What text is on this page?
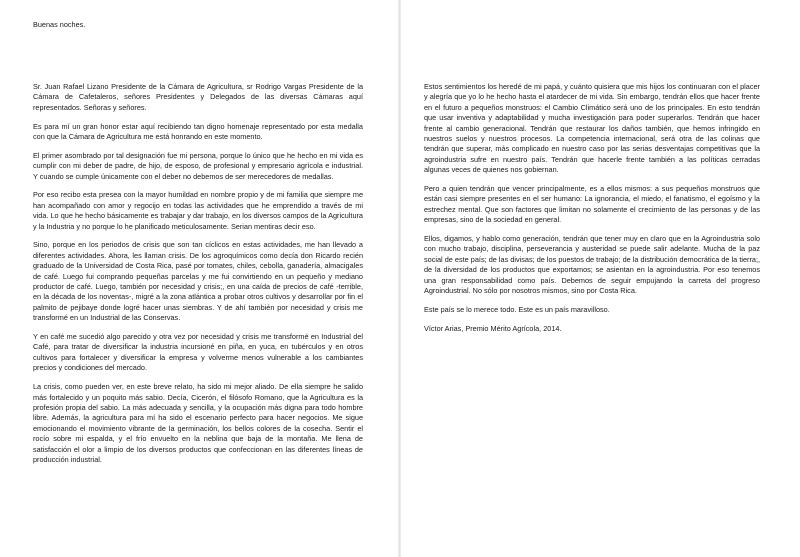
Buenas noches.

Sr. Juan Rafael Lizano Presidente de la Cámara de Agricultura, sr Rodrigo Vargas Presidente de la Cámara de Cafetaleros, señores Presidentes y Delegados de las diversas Cámaras aquí representados. Señoras y señores.

Es para mí un gran honor estar aquí recibiendo tan digno homenaje representado por esta medalla con que la Cámara de Agricultura me está honrando en este momento.

El primer asombrado por tal designación fue mi persona, porque lo único que he hecho en mi vida es cumplir con mi deber de padre, de hijo, de esposo, de profesional y empresario agrícola e industrial. Y cuando se cumple únicamente con el deber no debemos de ser merecedores de medallas.

Por eso recibo esta presea con la mayor humildad en nombre propio y de mi familia que siempre me han acompañado con amor y regocijo en todas las actividades que he emprendido a través de mi vida. Lo que he hecho básicamente es trabajar y dar trabajo, en los diversos campos de la Agricultura y la Industria y no porque lo he planificado meticulosamente. Serian mentiras decir eso.

Sino, porque en los periodos de crisis que son tan cíclicos en estas actividades, me han llevado a diferentes actividades. Ahora, les llaman crisis. De los agroquímicos como decía don Ricardo recién graduado de la Universidad de Costa Rica, pasé por tomates, chiles, cebolla, ganadería, almacigales de café. Luego fui comprando pequeñas parcelas y me fui convirtiendo en un pequeño y mediano productor de café. Luego, también por necesidad y crisis;, en una caída de precios de café -terrible, en la década de los noventas-, migré a la zona atlántica a probar otros cultivos y desarrollar por fin el palmito de pejibaye donde logré hacer unas siembras. Y de ahí también por necesidad y crisis me transformé en un Industrial de las Conservas.

Y en café me sucedió algo parecido y otra vez por necesidad y crisis me transformé en Industrial del Café, para tratar de diversificar la industria incursioné en piña, en yuca, en tubérculos y en otros cultivos para fortalecer y diversificar la empresa y volverme menos vulnerable a los cambiantes precios y condiciones del mercado.

La crisis, como pueden ver, en este breve relato, ha sido mi mejor aliado. De ella siempre he salido más fortalecido y un poquito más sabio. Decía, Cicerón, el filósofo Romano, que la Agricultura es la profesión propia del sabio. La más adecuada y sencilla, y la ocupación más digna para todo hombre libre. Además, la agricultura para mí ha sido el escenario perfecto para hacer negocios. Me sigue emocionando el movimiento vibrante de la germinación, los bellos colores de la cosecha. Sentir el rocío sobre mi espalda, y el frío envuelto en la neblina que baja de la montaña. Me llena de satisfacción el olor a limpio de los diversos productos que confeccionan en las diferentes líneas de producción industrial.

Estos sentimientos los heredé de mi papá, y cuánto quisiera que mis hijos los continuaran con el placer y alegría que yo lo he hecho hasta el atardecer de mi vida. Sin embargo, tendrán ellos que hacer frente en el futuro a pequeños monstruos: el Cambio Climático será uno de los principales. En esto tendrán que usar inventiva y adaptabilidad y mucha investigación para poder superarlos. Tendrán que hacer frente al cambio generacional. Tendrán que restaurar los daños también, que hemos infringido en nuestros suelos y nuestros procesos. La competencia internacional, será otra de las colinas que tendrán que superar, más complicado en nuestro caso por las serias desventajas competitivas que la agroindustria sufre en nuestro país. Tendrán que hacerle frente también a las políticas cerradas algunas veces de quienes nos gobiernan.

Pero a quien tendrán que vencer principalmente, es a ellos mismos: a sus pequeños monstruos que están casi siempre presentes en el ser humano: La ignorancia, el miedo, el fanatismo, el egoísmo y la estrechez mental. Que son factores que limitan no solamente el crecimiento de las personas y de las empresas, sino de la sociedad en general.

Ellos, digamos, y hablo como generación, tendrán que tener muy en claro que en la Agroindustria solo con mucho trabajo, disciplina, perseverancia y austeridad se puede salir adelante. Mucha de la paz social de este país; de las divisas; de los puestos de trabajo; de la distribución democrática de la tierra;, de la diversidad de los productos que exportamos; se asientan en la agroindustria. Por eso tenemos una gran responsabilidad como país. Debemos de seguir empujando la carreta del progreso Agroindustrial. No sólo por nosotros mismos, sino por Costa Rica.

Este país se lo merece todo. Este es un país maravilloso.

Víctor Arias, Premio Mérito Agrícola, 2014.
